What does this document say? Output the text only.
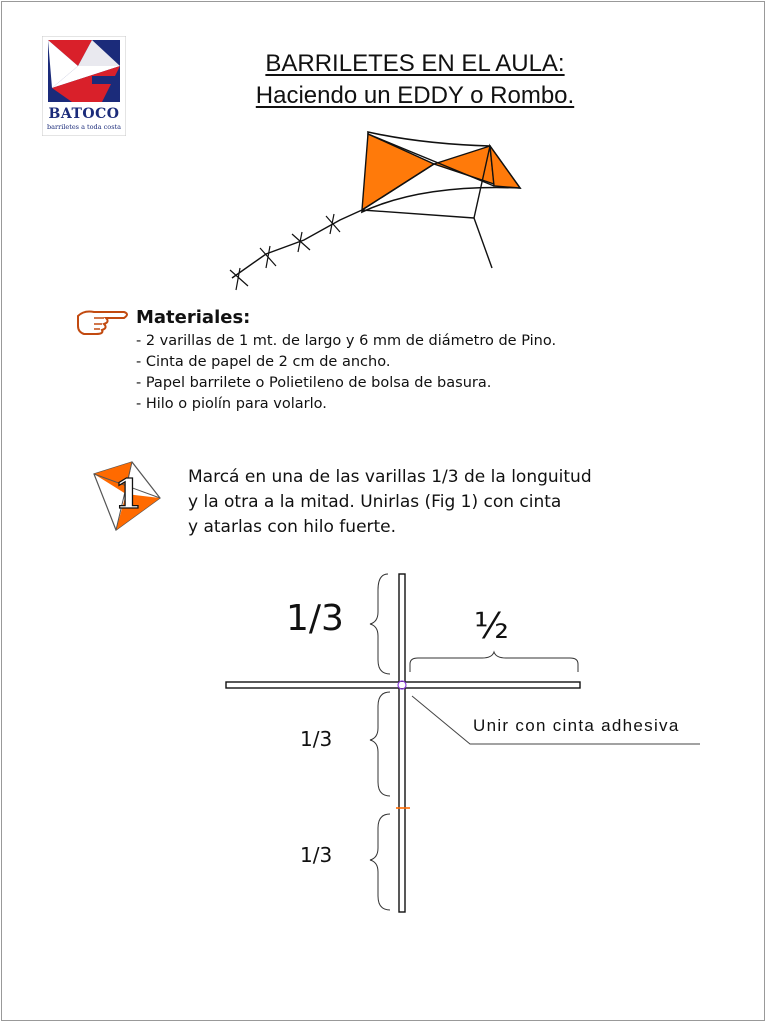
BATOCO
barriletes a toda costa
BARRILETES EN EL AULA:
Haciendo un EDDY o Rombo.
Materiales:
- 2 varillas de 1 mt. de largo y 6 mm de diámetro de Pino.
- Cinta de papel de 2 cm de ancho.
- Papel barrilete o Polietileno de bolsa de basura.
- Hilo o piolín para volarlo.
1	Marcá en una de las varillas 1/3 de la longuitud
y la otra a la mitad. Unirlas (Fig 1) con cinta
y atarlas con hilo fuerte.
1/3	½
1/3
1/3
Unir con cinta adhesiva
